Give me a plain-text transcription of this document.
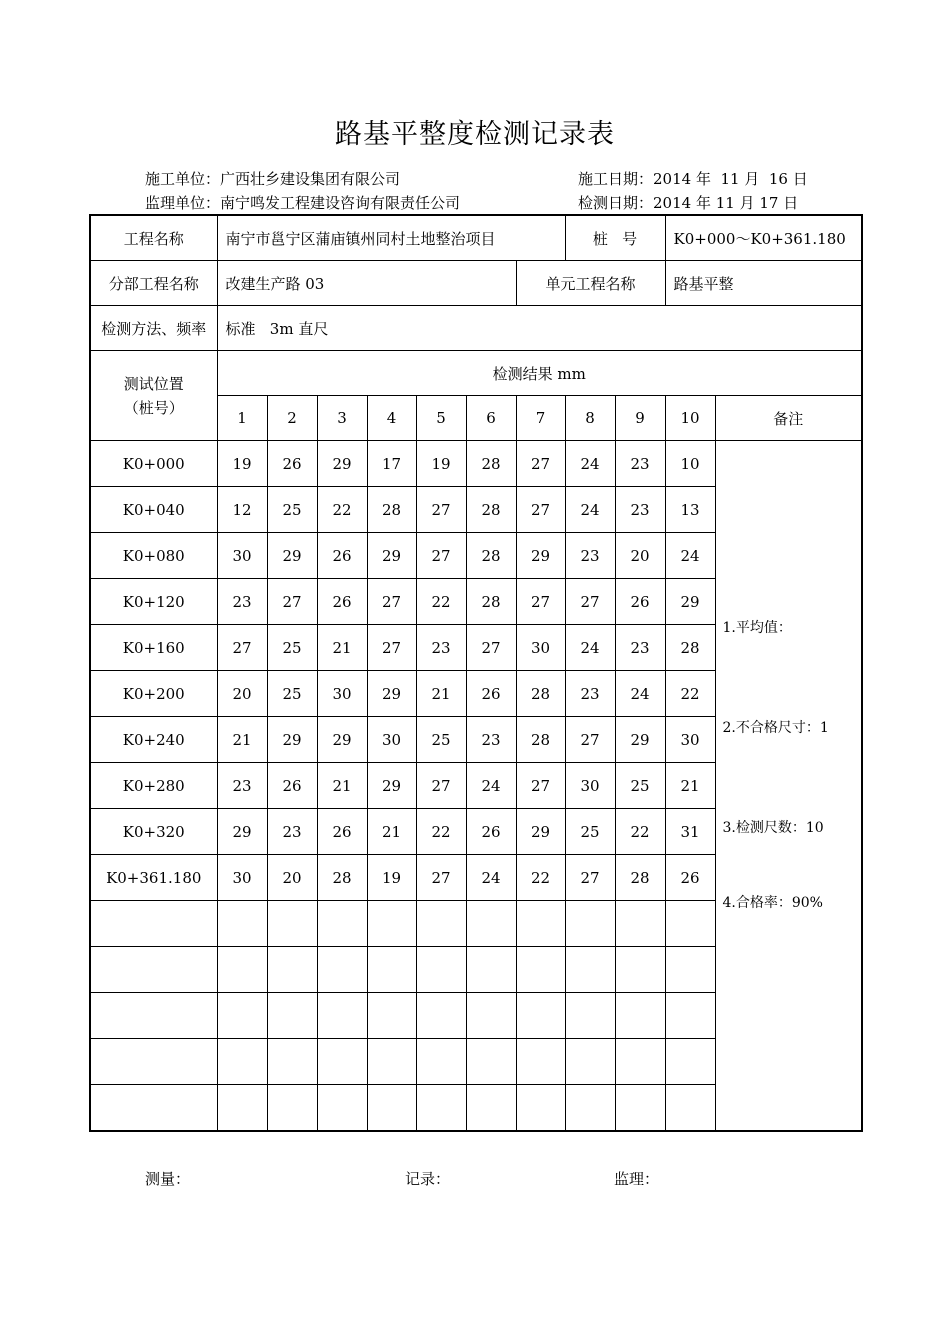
路基平整度检测记录表
施工单位：广西壮乡建设集团有限公司	施工日期：2014 年  11 月  16 日
监理单位：南宁鸣发工程建设咨询有限责任公司	检测日期：2014 年 11 月 17 日
工程名称	南宁市邕宁区蒲庙镇州同村土地整治项目							桩   号		K0+000～K0+361.180	
分部工程名称	改建生产路 03						单元工程名称			路基平整	
检测方法、频率	标准   3m 直尺										

测试位置
（桩号）	检测结果 mm										
	1	2	3	4	5	6	7	8	9	10	备注
K0+000	19	26	29	17	19	28	27	24	23	10	1.平均值：
2.不合格尺寸：1
3.检测尺数：10
4.合格率：90%

K0+040	12	25	22	28	27	28	27	24	23	13	
K0+080	30	29	26	29	27	28	29	23	20	24	
K0+120	23	27	26	27	22	28	27	27	26	29	
K0+160	27	25	21	27	23	27	30	24	23	28	
K0+200	20	25	30	29	21	26	28	23	24	22	
K0+240	21	29	29	30	25	23	28	27	29	30	
K0+280	23	26	21	29	27	24	27	30	25	21	
K0+320	29	23	26	21	22	26	29	25	22	31	
K0+361.180	30	20	28	19	27	24	22	27	28	26	

测量：	记录：	监理：
